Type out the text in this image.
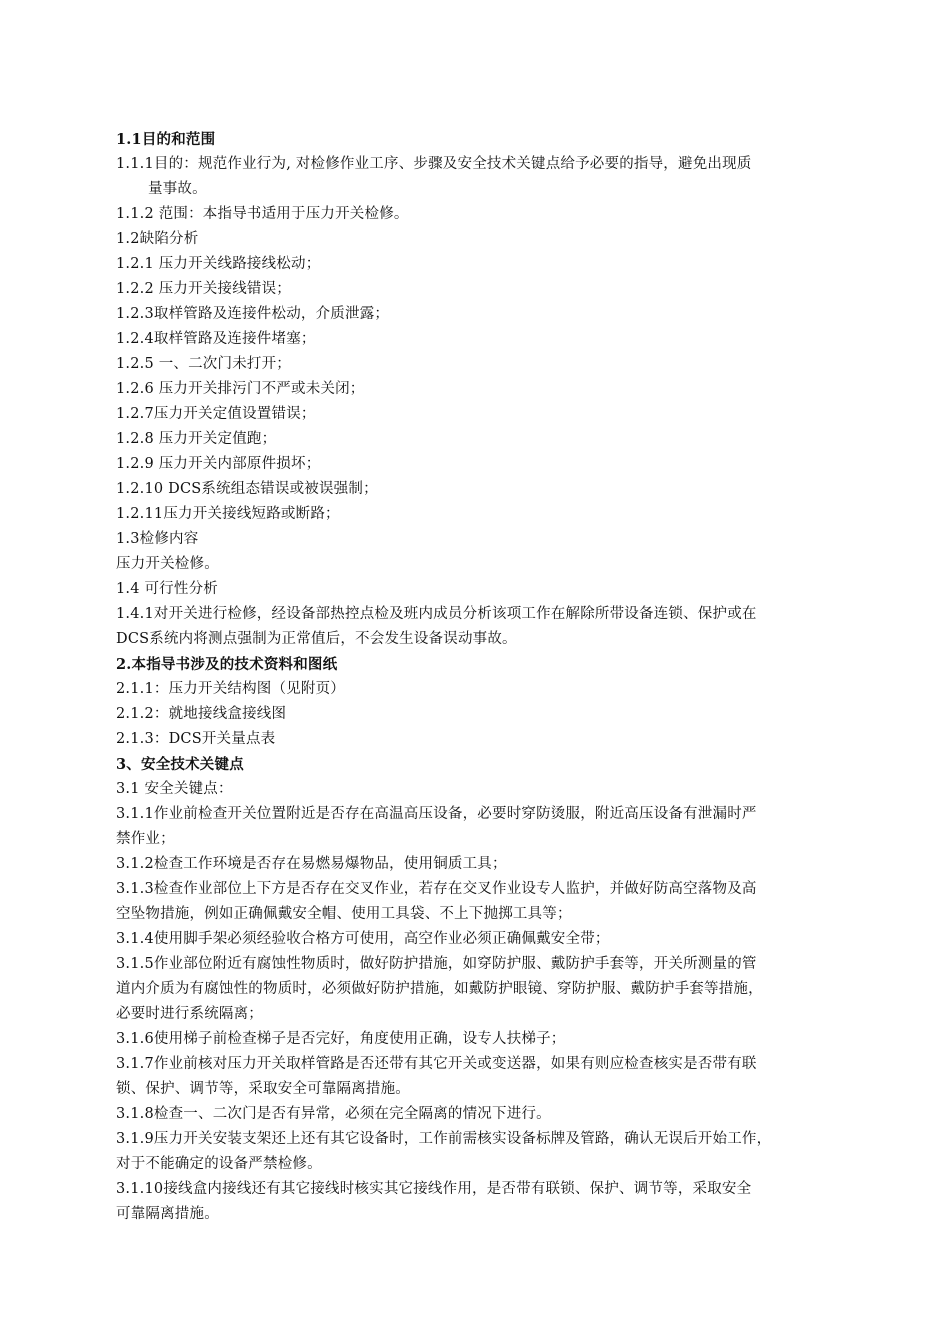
1.1目的和范围
1.1.1目的：规范作业行为, 对检修作业工序、步骤及安全技术关键点给予必要的指导，避免出现质
量事故。
1.1.2 范围：本指导书适用于压力开关检修。
1.2缺陷分析
1.2.1 压力开关线路接线松动；
1.2.2 压力开关接线错误；
1.2.3取样管路及连接件松动，介质泄露；
1.2.4取样管路及连接件堵塞；
1.2.5 一、二次门未打开；
1.2.6 压力开关排污门不严或未关闭；
1.2.7压力开关定值设置错误；
1.2.8 压力开关定值跑；
1.2.9 压力开关内部原件损坏；
1.2.10 DCS系统组态错误或被误强制；
1.2.11压力开关接线短路或断路；
1.3检修内容
压力开关检修。
1.4 可行性分析
1.4.1对开关进行检修，经设备部热控点检及班内成员分析该项工作在解除所带设备连锁、保护或在
DCS系统内将测点强制为正常值后，不会发生设备误动事故。
2.本指导书涉及的技术资料和图纸
2.1.1：压力开关结构图（见附页）
2.1.2：就地接线盒接线图
2.1.3：DCS开关量点表
3、安全技术关键点
3.1 安全关键点：
3.1.1作业前检查开关位置附近是否存在高温高压设备，必要时穿防烫服，附近高压设备有泄漏时严
禁作业；
3.1.2检查工作环境是否存在易燃易爆物品，使用铜质工具；
3.1.3检查作业部位上下方是否存在交叉作业，若存在交叉作业设专人监护，并做好防高空落物及高
空坠物措施，例如正确佩戴安全帽、使用工具袋、不上下抛掷工具等；
3.1.4使用脚手架必须经验收合格方可使用，高空作业必须正确佩戴安全带；
3.1.5作业部位附近有腐蚀性物质时，做好防护措施，如穿防护服、戴防护手套等，开关所测量的管
道内介质为有腐蚀性的物质时，必须做好防护措施，如戴防护眼镜、穿防护服、戴防护手套等措施，
必要时进行系统隔离；
3.1.6使用梯子前检查梯子是否完好，角度使用正确，设专人扶梯子；
3.1.7作业前核对压力开关取样管路是否还带有其它开关或变送器，如果有则应检查核实是否带有联
锁、保护、调节等，采取安全可靠隔离措施。
3.1.8检查一、二次门是否有异常，必须在完全隔离的情况下进行。
3.1.9压力开关安装支架还上还有其它设备时，工作前需核实设备标牌及管路，确认无误后开始工作，
对于不能确定的设备严禁检修。
3.1.10接线盒内接线还有其它接线时核实其它接线作用，是否带有联锁、保护、调节等，采取安全
可靠隔离措施。
